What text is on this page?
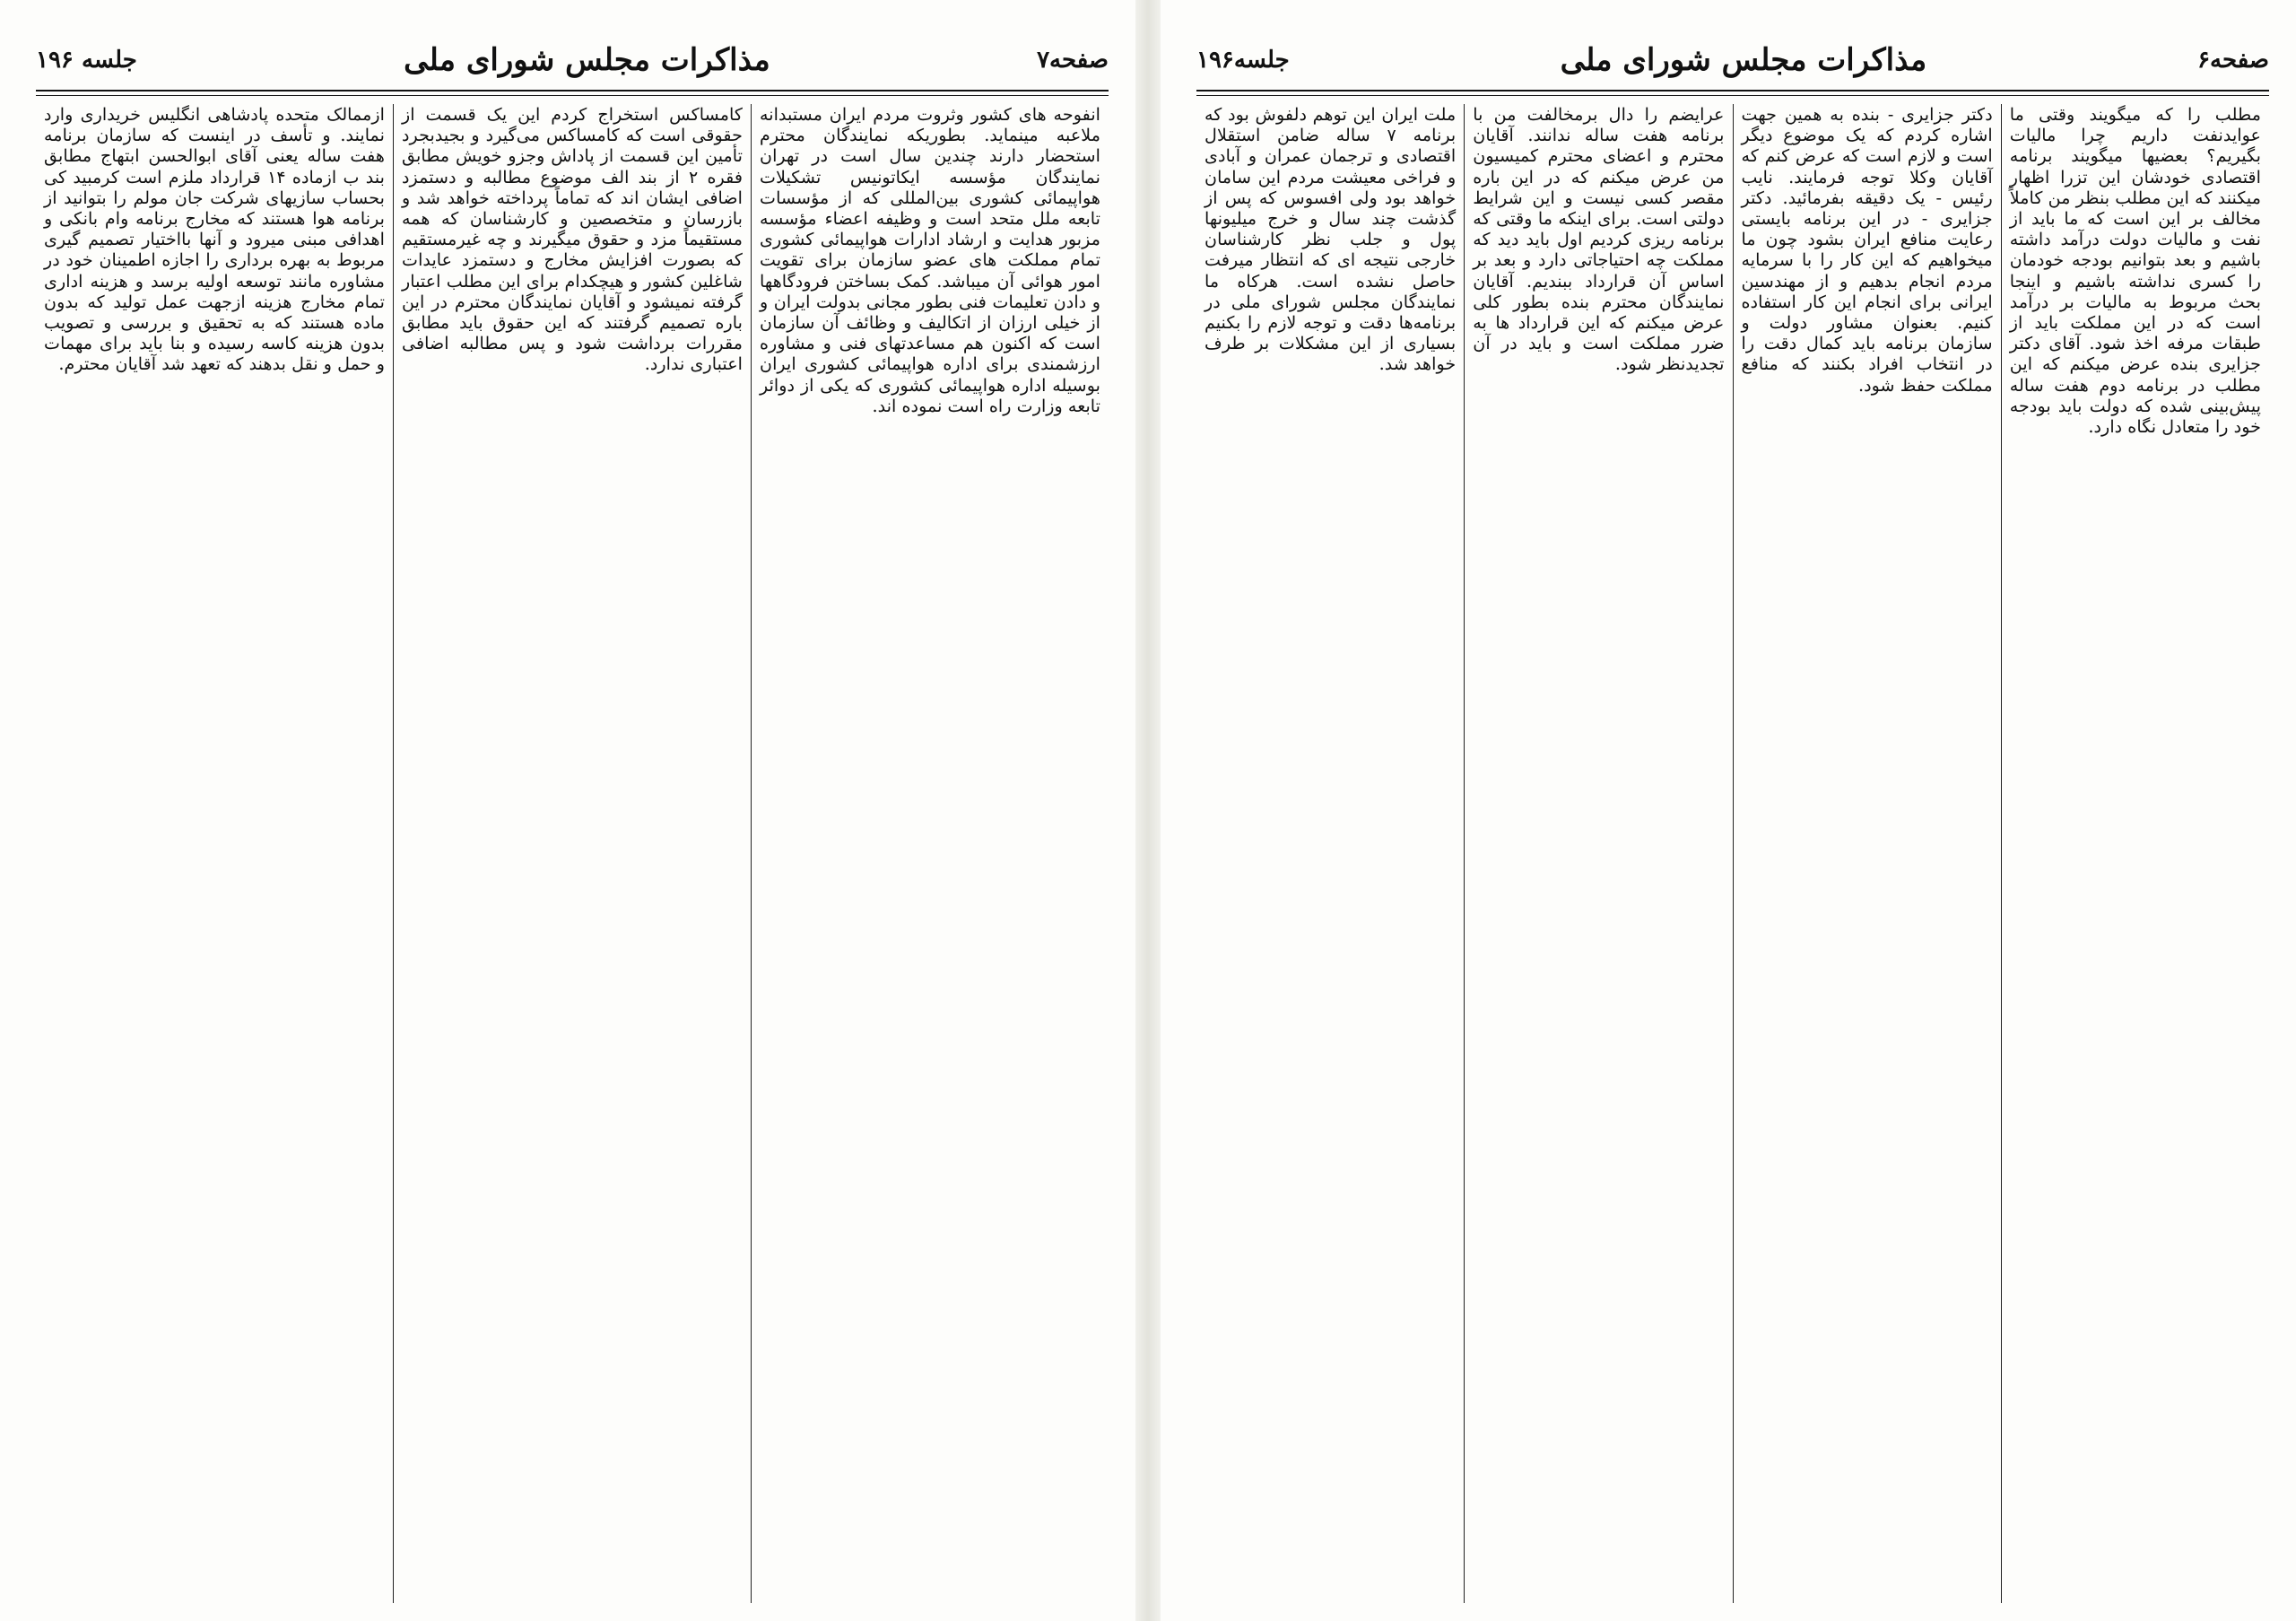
جلسه ۱۹۶	مذاکرات مجلس شورای ملی	صفحه۷

انفوحه های کشور وثروت مردم ایران مستبدانه ملاعبه مینماید. بطوریکه نمایندگان محترم استحضار دارند چندین سال است در تهران نمایندگان مؤسسه ایکاتونیس تشکیلات هواپیمائی کشوری بین‌المللی که از مؤسسات تابعه ملل متحد است و وظیفه اعضاء مؤسسه مزبور هدایت و ارشاد ادارات هواپیمائی کشوری تمام مملکت های عضو سازمان برای تقویت امور هوائی آن میباشد. کمک بساختن فرودگاهها و دادن تعلیمات فنی بطور مجانی بدولت ایران و از خیلی ارزان از اتکالیف و وظائف آن سازمان است که اکنون هم مساعدتهای فنی و مشاوره ارزشمندی برای اداره هواپیمائی کشوری ایران بوسیله اداره هواپیمائی کشوری که یکی از دوائر تابعه وزارت راه است نموده اند.

کامساکس استخراج کردم این یک قسمت از حقوقی است که کامساکس می‌گیرد و بجیدبجرد تأمین این قسمت از پاداش وجزو خویش مطابق فقره ۲ از بند الف موضوع مطالبه و دستمزد اضافی ایشان اند که تماماً پرداخته خواهد شد و بازرسان و متخصصین و کارشناسان که همه مستقیماً مزد و حقوق میگیرند و چه غیرمستقیم که بصورت افزایش مخارج و دستمزد عایدات شاغلین کشور و هیچکدام برای این مطلب اعتبار گرفته نمیشود و آقایان نمایندگان محترم در این باره تصمیم گرفتند که این حقوق باید مطابق مقررات برداشت شود و پس مطالبه اضافی اعتباری ندارد.

ازممالک متحده پادشاهی انگلیس خریداری وارد نمایند. و تأسف در اینست که سازمان برنامه هفت ساله یعنی آقای ابوالحسن ابتهاج مطابق بند ب ازماده ۱۴ قرارداد ملزم است کرمبید کی بحساب سازیهای شرکت جان مولم را بتوانید از برنامه هوا هستند که مخارج برنامه وام بانکی و اهدافی مبنی میرود و آنها بااختیار تصمیم گیری مربوط به بهره برداری را اجازه اطمینان خود در مشاوره مانند توسعه اولیه برسد و هزینه اداری تمام مخارج هزینه ازجهت عمل تولید که بدون ماده هستند که به تحقیق و بررسی و تصویب بدون هزینه کاسه رسیده و بنا باید برای مهمات و حمل و نقل بدهند که تعهد شد آقایان محترم.

جلسه۱۹۶	مذاکرات مجلس شورای ملی	صفحه۶

مطلب را که میگویند وقتی ما عوایدنفت داریم چرا مالیات بگیریم؟ بعضیها میگویند برنامه اقتصادی خودشان این تزرا اظهار میکنند که این مطلب بنظر من کاملاً مخالف بر این است که ما باید از نفت و مالیات دولت درآمد داشته باشیم و بعد بتوانیم بودجه خودمان را کسری نداشته باشیم و اینجا بحث مربوط به مالیات بر درآمد است که در این مملکت باید از طبقات مرفه اخذ شود. آقای دکتر جزایری بنده عرض میکنم که این مطلب در برنامه دوم هفت ساله پیش‌بینی شده که دولت باید بودجه خود را متعادل نگاه دارد.

دکتر جزایری - بنده به همین جهت اشاره کردم که یک موضوع دیگر است و لازم است که عرض کنم که آقایان وکلا توجه فرمایند. نایب رئیس - یک دقیقه بفرمائید. دکتر جزایری - در این برنامه بایستی رعایت منافع ایران بشود چون ما میخواهیم که این کار را با سرمایه مردم انجام بدهیم و از مهندسین ایرانی برای انجام این کار استفاده کنیم. بعنوان مشاور دولت و سازمان برنامه باید کمال دقت را در انتخاب افراد بکنند که منافع مملکت حفظ شود.

عرایضم را دال برمخالفت من با برنامه هفت ساله ندانند. آقایان محترم و اعضای محترم کمیسیون من عرض میکنم که در این باره مقصر کسی نیست و این شرایط دولتی است. برای اینکه ما وقتی که برنامه ریزی کردیم اول باید دید که مملکت چه احتیاجاتی دارد و بعد بر اساس آن قرارداد ببندیم. آقایان نمایندگان محترم بنده بطور کلی عرض میکنم که این قرارداد ها به ضرر مملکت است و باید در آن تجدیدنظر شود.

ملت ایران این توهم دلفوش بود که برنامه ۷ ساله ضامن استقلال اقتصادی و ترجمان عمران و آبادی و فراخی معیشت مردم این سامان خواهد بود ولی افسوس که پس از گذشت چند سال و خرج میلیونها پول و جلب نظر کارشناسان خارجی نتیجه ای که انتظار میرفت حاصل نشده است. هرکاه ما نمایندگان مجلس شورای ملی در برنامه‌ها دقت و توجه لازم را بکنیم بسیاری از این مشکلات بر طرف خواهد شد.
